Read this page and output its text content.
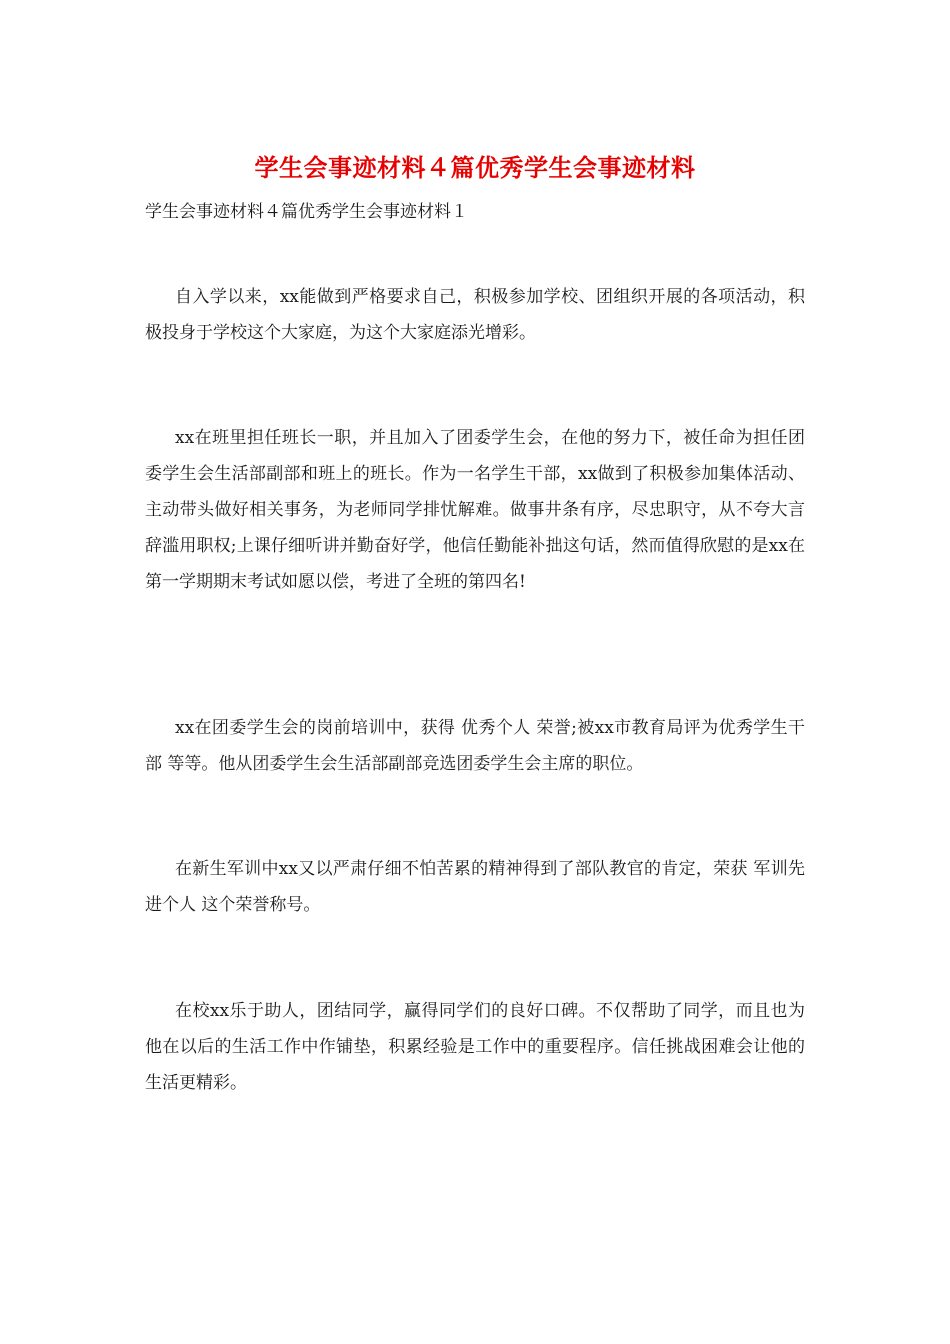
学生会事迹材料４篇优秀学生会事迹材料
学生会事迹材料４篇优秀学生会事迹材料１

自入学以来，xx能做到严格要求自己，积极参加学校、团组织开展的各项活动，积极投身于学校这个大家庭，为这个大家庭添光增彩。

xx在班里担任班长一职，并且加入了团委学生会，在他的努力下，被任命为担任团委学生会生活部副部和班上的班长。作为一名学生干部，xx做到了积极参加集体活动、主动带头做好相关事务，为老师同学排忧解难。做事井条有序，尽忠职守，从不夸大言辞滥用职权;上课仔细听讲并勤奋好学，他信任勤能补拙这句话，然而值得欣慰的是xx在第一学期期末考试如愿以偿，考进了全班的第四名!

xx在团委学生会的岗前培训中，获得 优秀个人 荣誉;被xx市教育局评为优秀学生干部 等等。他从团委学生会生活部副部竞选团委学生会主席的职位。

在新生军训中xx又以严肃仔细不怕苦累的精神得到了部队教官的肯定，荣获 军训先进个人 这个荣誉称号。

在校xx乐于助人，团结同学，赢得同学们的良好口碑。不仅帮助了同学，而且也为他在以后的生活工作中作铺垫，积累经验是工作中的重要程序。信任挑战困难会让他的生活更精彩。
